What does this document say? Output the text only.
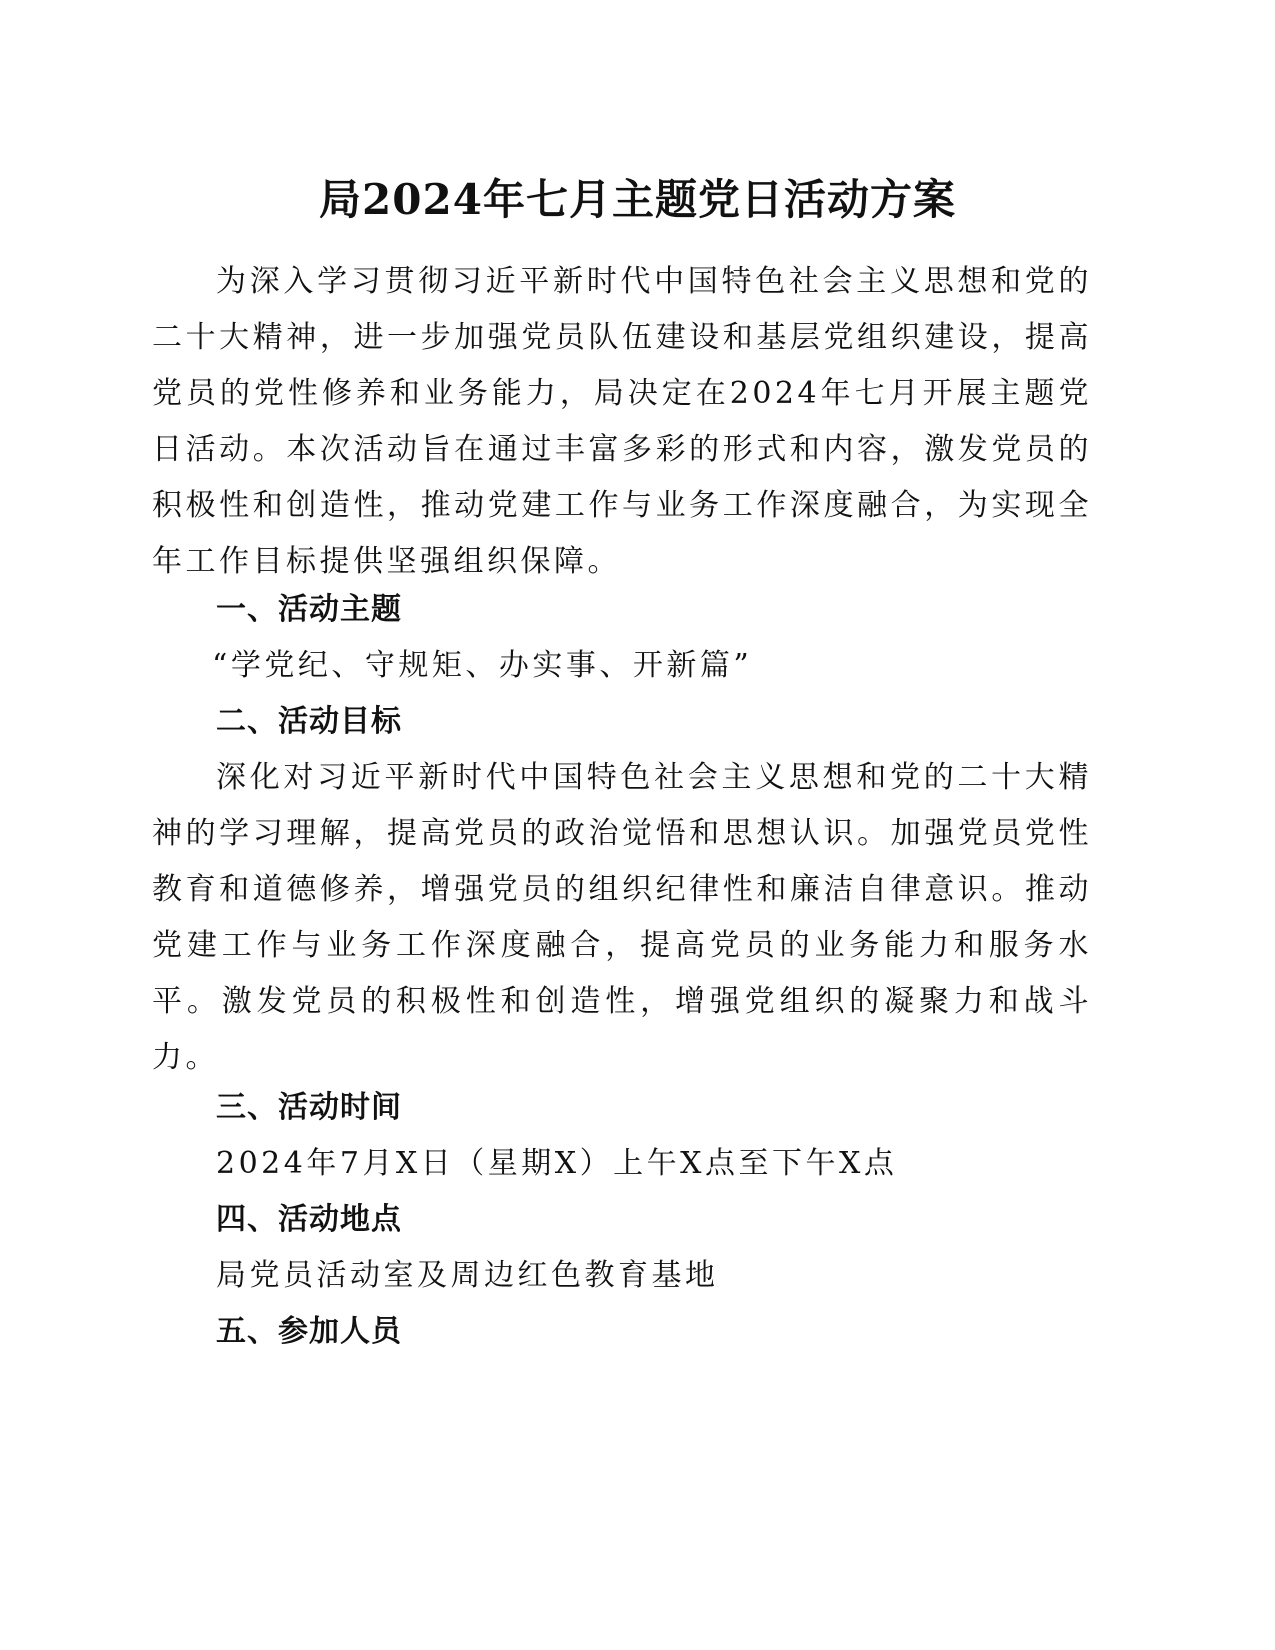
局2024年七月主题党日活动方案

为深入学习贯彻习近平新时代中国特色社会主义思想和党的二十大精神，进一步加强党员队伍建设和基层党组织建设，提高党员的党性修养和业务能力，局决定在2024年七月开展主题党日活动。本次活动旨在通过丰富多彩的形式和内容，激发党员的积极性和创造性，推动党建工作与业务工作深度融合，为实现全年工作目标提供坚强组织保障。

一、活动主题

“学党纪、守规矩、办实事、开新篇”

二、活动目标

深化对习近平新时代中国特色社会主义思想和党的二十大精神的学习理解，提高党员的政治觉悟和思想认识。加强党员党性教育和道德修养，增强党员的组织纪律性和廉洁自律意识。推动党建工作与业务工作深度融合，提高党员的业务能力和服务水平。激发党员的积极性和创造性，增强党组织的凝聚力和战斗力。

三、活动时间

2024年7月X日（星期X）上午X点至下午X点

四、活动地点

局党员活动室及周边红色教育基地

五、参加人员
